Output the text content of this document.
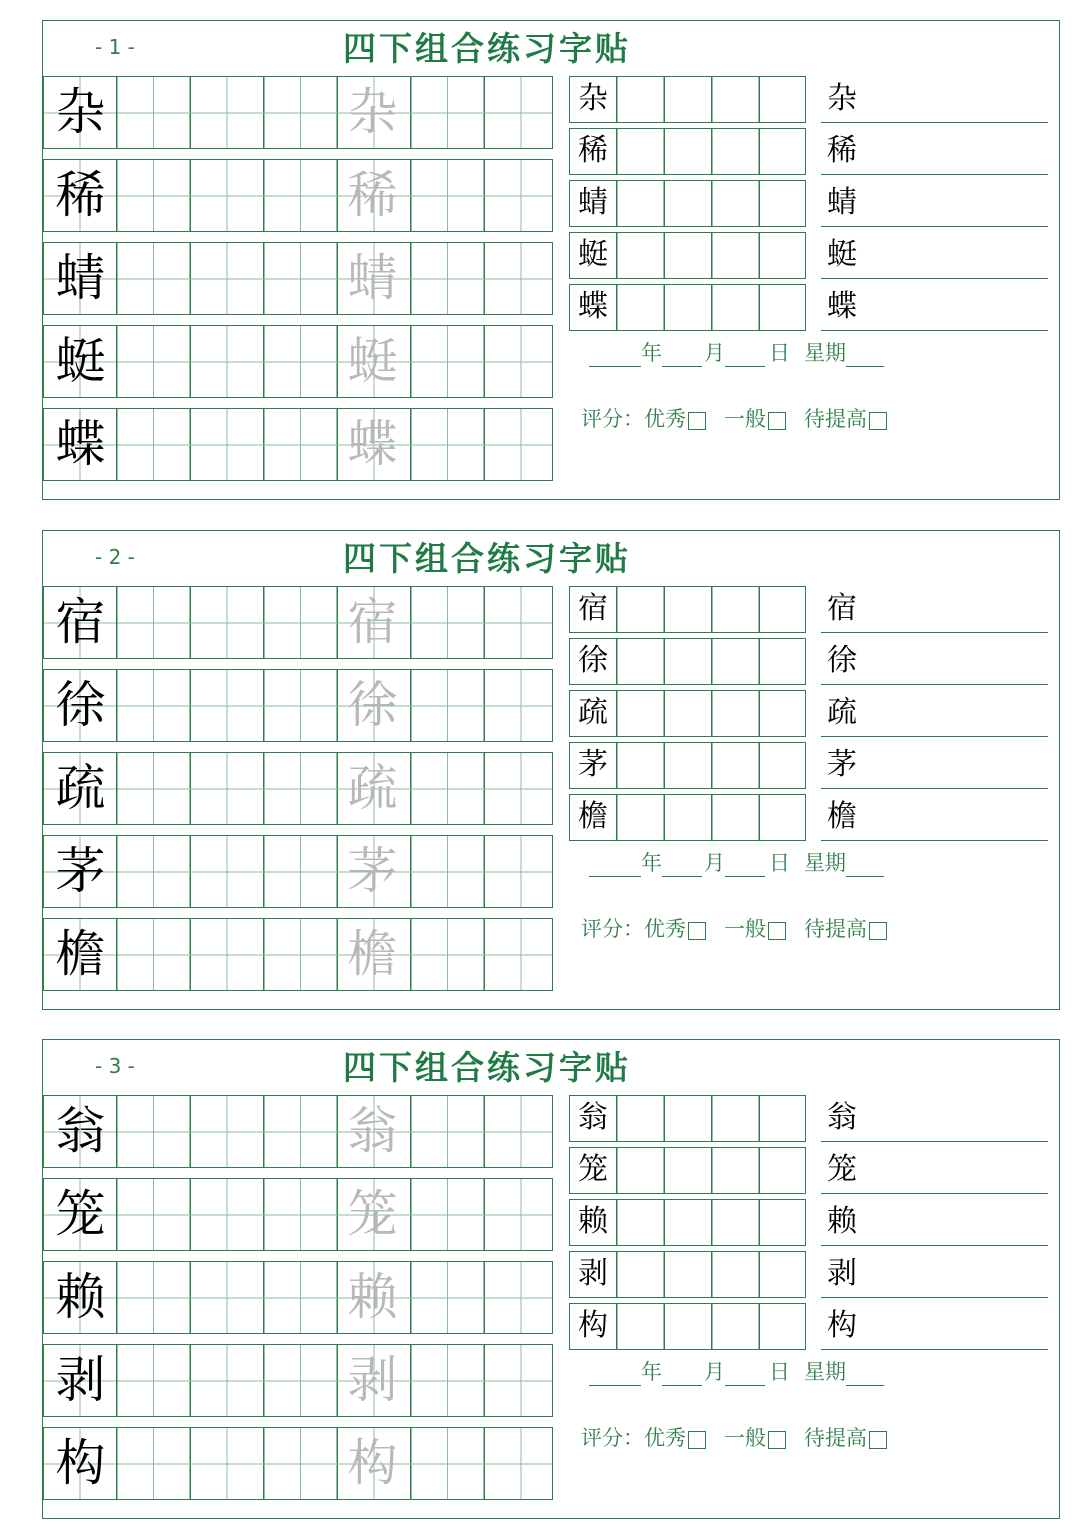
- 1 -	四下组合练习字贴
杂	杂
稀	稀
蜻	蜻
蜓	蜓
蝶	蝶
杂
稀
蜻
蜓
蝶
杂
稀
蜻
蜓
蝶
年 月 日 星期
评分：优秀 一般 待提高
- 2 -	四下组合练习字贴
宿	宿
徐	徐
疏	疏
茅	茅
檐	檐
宿
徐
疏
茅
檐
宿
徐
疏
茅
檐
年 月 日 星期
评分：优秀 一般 待提高
- 3 -	四下组合练习字贴
翁	翁
笼	笼
赖	赖
剥	剥
构	构
翁
笼
赖
剥
构
翁
笼
赖
剥
构
年 月 日 星期
评分：优秀 一般 待提高
